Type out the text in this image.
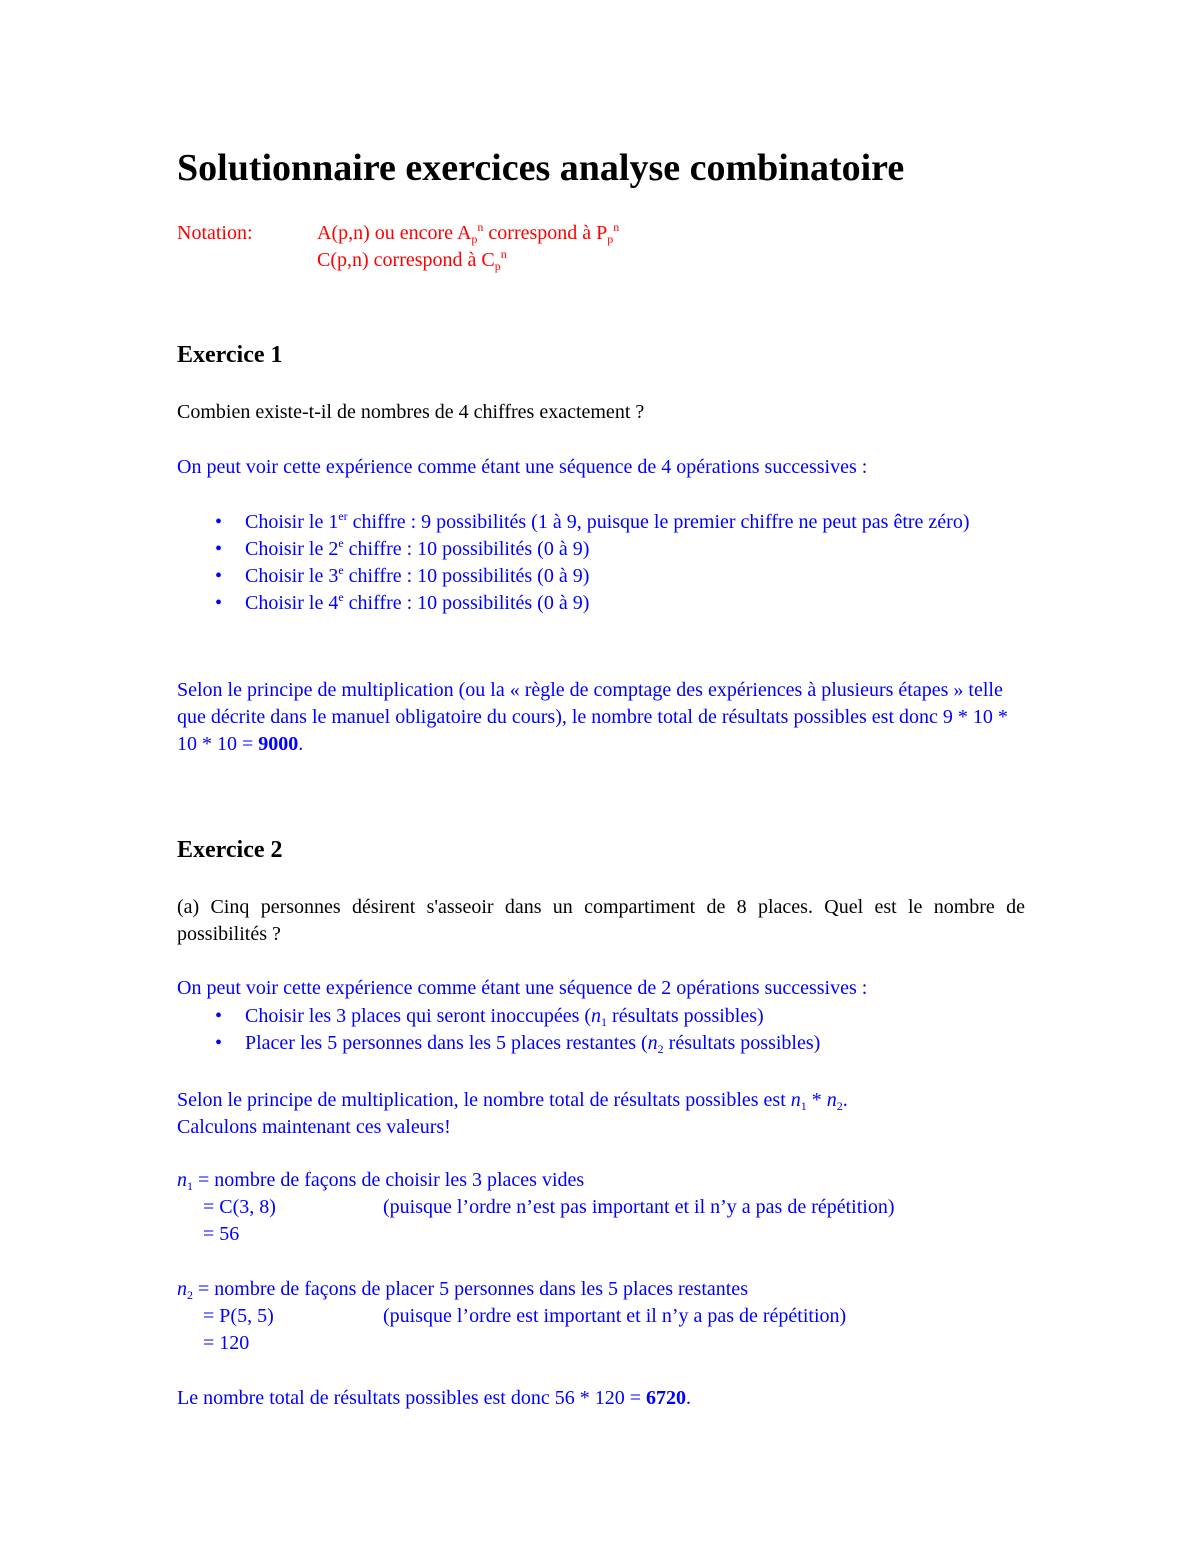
Solutionnaire exercices analyse combinatoire
Notation:	A(p,n) ou encore $A_p^n$ correspond à $P_p^n$
C(p,n) correspond à $C_p^n$
Exercice 1
Combien existe-t-il de nombres de 4 chiffres exactement ?
On peut voir cette expérience comme étant une séquence de 4 opérations successives :
• Choisir le 1er chiffre : 9 possibilités (1 à 9, puisque le premier chiffre ne peut pas être zéro)
• Choisir le 2e chiffre : 10 possibilités (0 à 9)
• Choisir le 3e chiffre : 10 possibilités (0 à 9)
• Choisir le 4e chiffre : 10 possibilités (0 à 9)
Selon le principe de multiplication (ou la « règle de comptage des expériences à plusieurs étapes » telle que décrite dans le manuel obligatoire du cours), le nombre total de résultats possibles est donc 9 * 10 * 10 * 10 = 9000.
Exercice 2
(a) Cinq personnes désirent s'asseoir dans un compartiment de 8 places. Quel est le nombre de possibilités ?
On peut voir cette expérience comme étant une séquence de 2 opérations successives :
• Choisir les 3 places qui seront inoccupées ($n_1$ résultats possibles)
• Placer les 5 personnes dans les 5 places restantes ($n_2$ résultats possibles)
Selon le principe de multiplication, le nombre total de résultats possibles est $n_1 * n_2$.
Calculons maintenant ces valeurs!
$n_1$ = nombre de façons de choisir les 3 places vides
= C(3, 8)	(puisque l’ordre n’est pas important et il n’y a pas de répétition)
= 56
$n_2$ = nombre de façons de placer 5 personnes dans les 5 places restantes
= P(5, 5)	(puisque l’ordre est important et il n’y a pas de répétition)
= 120
Le nombre total de résultats possibles est donc 56 * 120 = 6720.
